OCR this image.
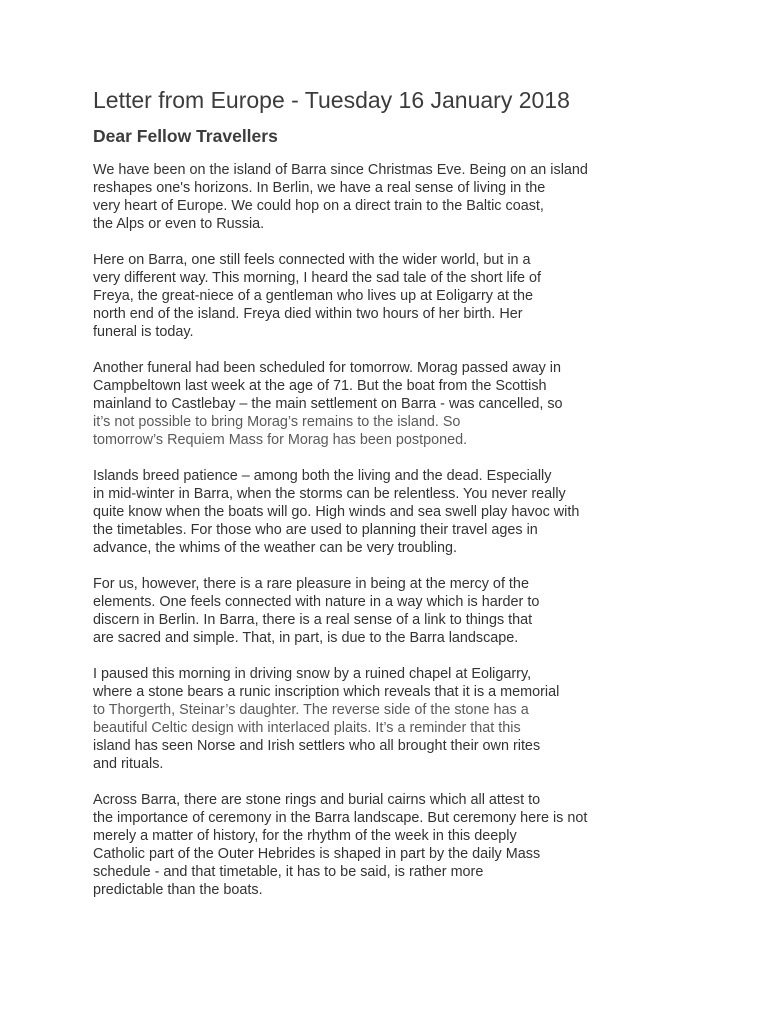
Letter from Europe - Tuesday 16 January 2018
Dear Fellow Travellers

We have been on the island of Barra since Christmas Eve. Being on an island
reshapes one's horizons. In Berlin, we have a real sense of living in the
very heart of Europe. We could hop on a direct train to the Baltic coast,
the Alps or even to Russia.

Here on Barra, one still feels connected with the wider world, but in a
very different way. This morning, I heard the sad tale of the short life of
Freya, the great-niece of a gentleman who lives up at Eoligarry at the
north end of the island. Freya died within two hours of her birth. Her
funeral is today.

Another funeral had been scheduled for tomorrow. Morag passed away in
Campbeltown last week at the age of 71. But the boat from the Scottish
mainland to Castlebay – the main settlement on Barra - was cancelled, so
it’s not possible to bring Morag’s remains to the island. So
tomorrow’s Requiem Mass for Morag has been postponed.

Islands breed patience – among both the living and the dead. Especially
in mid-winter in Barra, when the storms can be relentless. You never really
quite know when the boats will go. High winds and sea swell play havoc with
the timetables. For those who are used to planning their travel ages in
advance, the whims of the weather can be very troubling.

For us, however, there is a rare pleasure in being at the mercy of the
elements. One feels connected with nature in a way which is harder to
discern in Berlin. In Barra, there is a real sense of a link to things that
are sacred and simple. That, in part, is due to the Barra landscape.

I paused this morning in driving snow by a ruined chapel at Eoligarry,
where a stone bears a runic inscription which reveals that it is a memorial
to Thorgerth, Steinar’s daughter. The reverse side of the stone has a
beautiful Celtic design with interlaced plaits. It’s a reminder that this
island has seen Norse and Irish settlers who all brought their own rites
and rituals.

Across Barra, there are stone rings and burial cairns which all attest to
the importance of ceremony in the Barra landscape. But ceremony here is not
merely a matter of history, for the rhythm of the week in this deeply
Catholic part of the Outer Hebrides is shaped in part by the daily Mass
schedule - and that timetable, it has to be said, is rather more
predictable than the boats.
